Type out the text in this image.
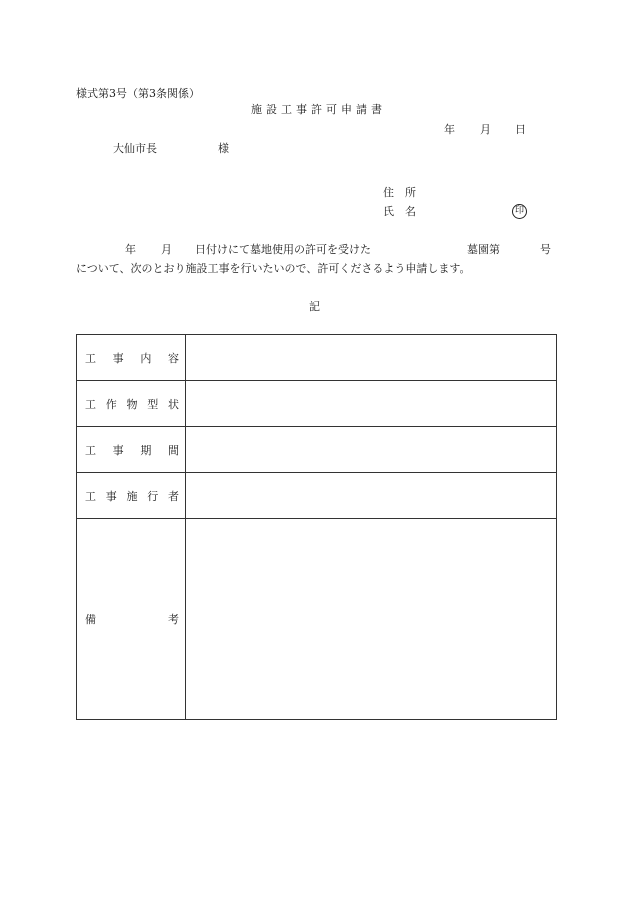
様式第3号（第3条関係）
施設工事許可申請書
年 月 日
大仙市長	様
住　所
氏　名	印
年 月 日付けにて墓地使用の許可を受けた	墓園第	号
について、次のとおり施設工事を行いたいので、許可くださるよう申請します。
記
工 事 内 容	

工 作 物 型 状	

工 事 期 間	

工 事 施 行 者	

備 考	
